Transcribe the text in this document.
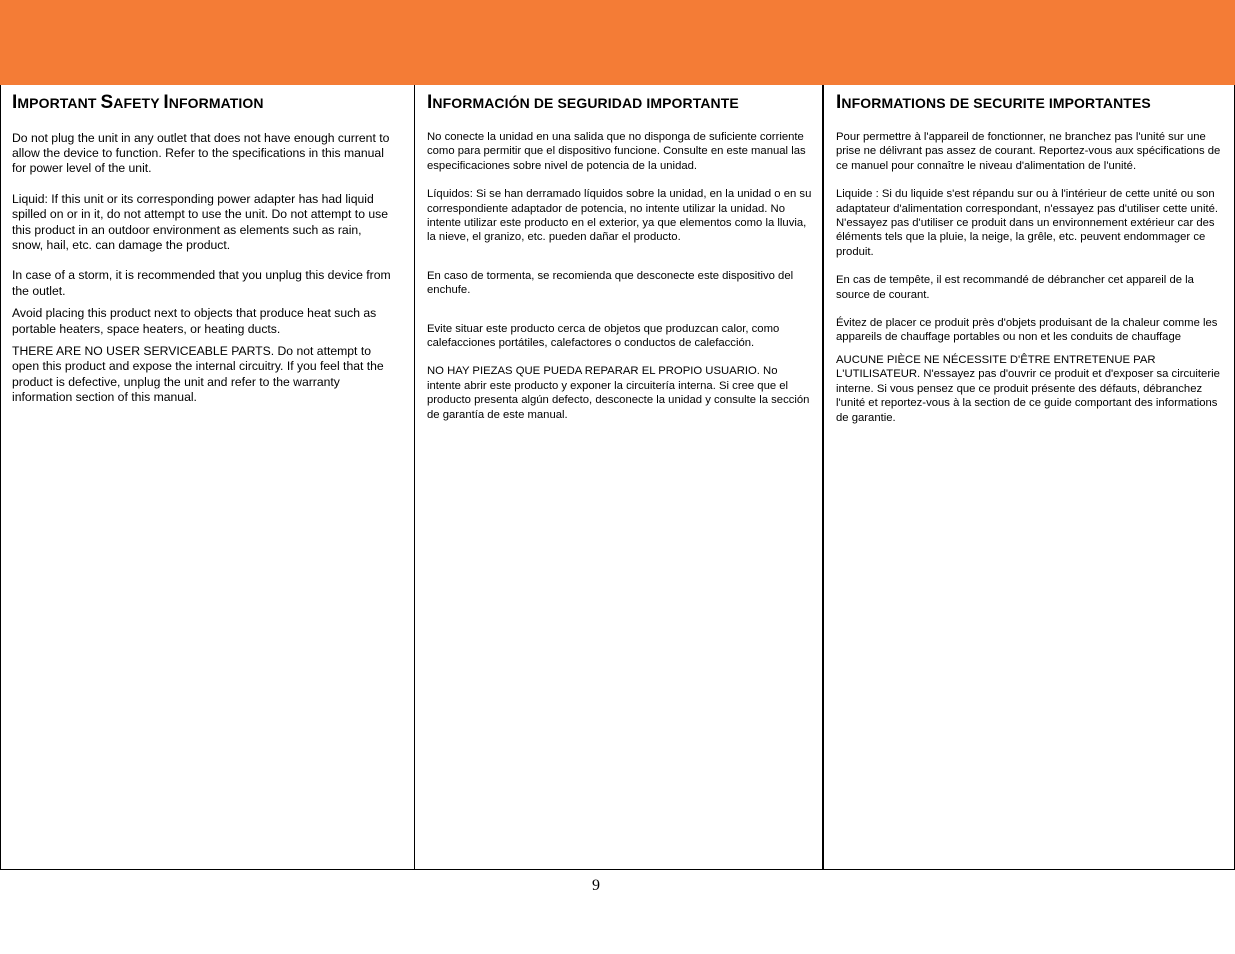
IMPORTANT SAFETY INFORMATION

Do not plug the unit in any outlet that does not have enough current to allow the device to function. Refer to the specifications in this manual for power level of the unit.

Liquid: If this unit or its corresponding power adapter has had liquid spilled on or in it, do not attempt to use the unit. Do not attempt to use this product in an outdoor environment as elements such as rain, snow, hail, etc. can damage the product.

In case of a storm, it is recommended that you unplug this device from the outlet.

Avoid placing this product next to objects that produce heat such as portable heaters, space heaters, or heating ducts.

THERE ARE NO USER SERVICEABLE PARTS. Do not attempt to open this product and expose the internal circuitry. If you feel that the product is defective, unplug the unit and refer to the warranty information section of this manual.

INFORMACIÓN DE SEGURIDAD IMPORTANTE

No conecte la unidad en una salida que no disponga de suficiente corriente como para permitir que el dispositivo funcione. Consulte en este manual las especificaciones sobre nivel de potencia de la unidad.

Líquidos: Si se han derramado líquidos sobre la unidad, en la unidad o en su correspondiente adaptador de potencia, no intente utilizar la unidad. No intente utilizar este producto en el exterior, ya que elementos como la lluvia, la nieve, el granizo, etc. pueden dañar el producto.

En caso de tormenta, se recomienda que desconecte este dispositivo del enchufe.

Evite situar este producto cerca de objetos que produzcan calor, como calefacciones portátiles, calefactores o conductos de calefacción.

NO HAY PIEZAS QUE PUEDA REPARAR EL PROPIO USUARIO. No intente abrir este producto y exponer la circuitería interna. Si cree que el producto presenta algún defecto, desconecte la unidad y consulte la sección de garantía de este manual.

INFORMATIONS DE SECURITE IMPORTANTES

Pour permettre à l'appareil de fonctionner, ne branchez pas l'unité sur une prise ne délivrant pas assez de courant. Reportez-vous aux spécifications de ce manuel pour connaître le niveau d'alimentation de l'unité.

Liquide : Si du liquide s'est répandu sur ou à l'intérieur de cette unité ou son adaptateur d'alimentation correspondant, n'essayez pas d'utiliser cette unité. N'essayez pas d'utiliser ce produit dans un environnement extérieur car des éléments tels que la pluie, la neige, la grêle, etc. peuvent endommager ce produit.

En cas de tempête, il est recommandé de débrancher cet appareil de la source de courant.

Évitez de placer ce produit près d'objets produisant de la chaleur comme les appareils de chauffage portables ou non et les conduits de chauffage

AUCUNE PIÈCE NE NÉCESSITE D'ÊTRE ENTRETENUE PAR L'UTILISATEUR. N'essayez pas d'ouvrir ce produit et d'exposer sa circuiterie interne. Si vous pensez que ce produit présente des défauts, débranchez l'unité et reportez-vous à la section de ce guide comportant des informations de garantie.

9
